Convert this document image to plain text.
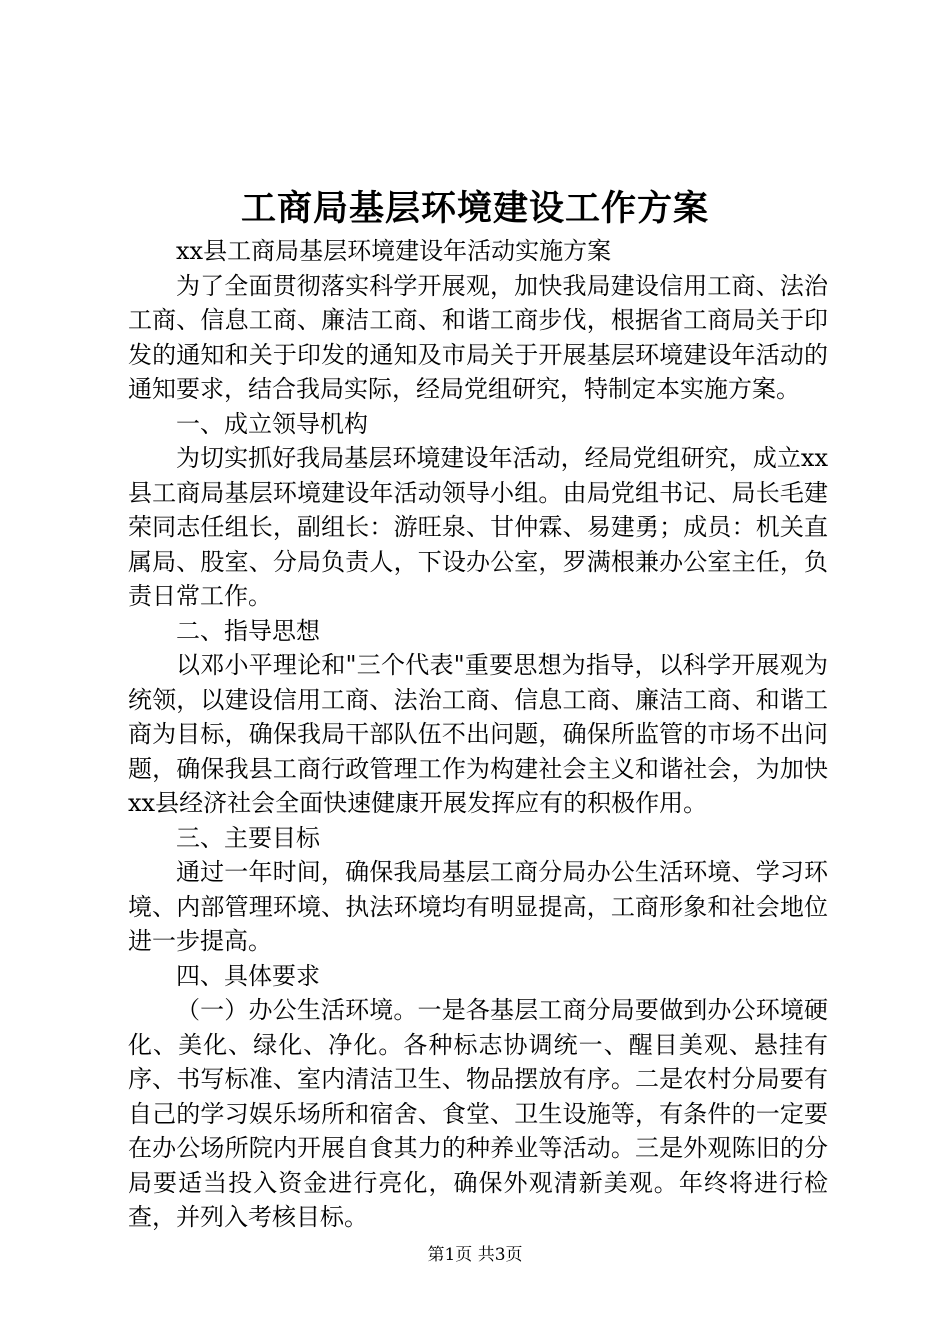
工商局基层环境建设工作方案

xx县工商局基层环境建设年活动实施方案

为了全面贯彻落实科学开展观，加快我局建设信用工商、法治工商、信息工商、廉洁工商、和谐工商步伐，根据省工商局关于印发的通知和关于印发的通知及市局关于开展基层环境建设年活动的通知要求，结合我局实际，经局党组研究，特制定本实施方案。

一、成立领导机构

为切实抓好我局基层环境建设年活动，经局党组研究，成立xx县工商局基层环境建设年活动领导小组。由局党组书记、局长毛建荣同志任组长，副组长：游旺泉、甘仲霖、易建勇；成员：机关直属局、股室、分局负责人，下设办公室，罗满根兼办公室主任，负责日常工作。

二、指导思想

以邓小平理论和"三个代表"重要思想为指导，以科学开展观为统领，以建设信用工商、法治工商、信息工商、廉洁工商、和谐工商为目标，确保我局干部队伍不出问题，确保所监管的市场不出问题，确保我县工商行政管理工作为构建社会主义和谐社会，为加快xx县经济社会全面快速健康开展发挥应有的积极作用。

三、主要目标

通过一年时间，确保我局基层工商分局办公生活环境、学习环境、内部管理环境、执法环境均有明显提高，工商形象和社会地位进一步提高。

四、具体要求

（一）办公生活环境。一是各基层工商分局要做到办公环境硬化、美化、绿化、净化。各种标志协调统一、醒目美观、悬挂有序、书写标准、室内清洁卫生、物品摆放有序。二是农村分局要有自己的学习娱乐场所和宿舍、食堂、卫生设施等，有条件的一定要在办公场所院内开展自食其力的种养业等活动。三是外观陈旧的分局要适当投入资金进行亮化，确保外观清新美观。年终将进行检查，并列入考核目标。

第1页 共3页
